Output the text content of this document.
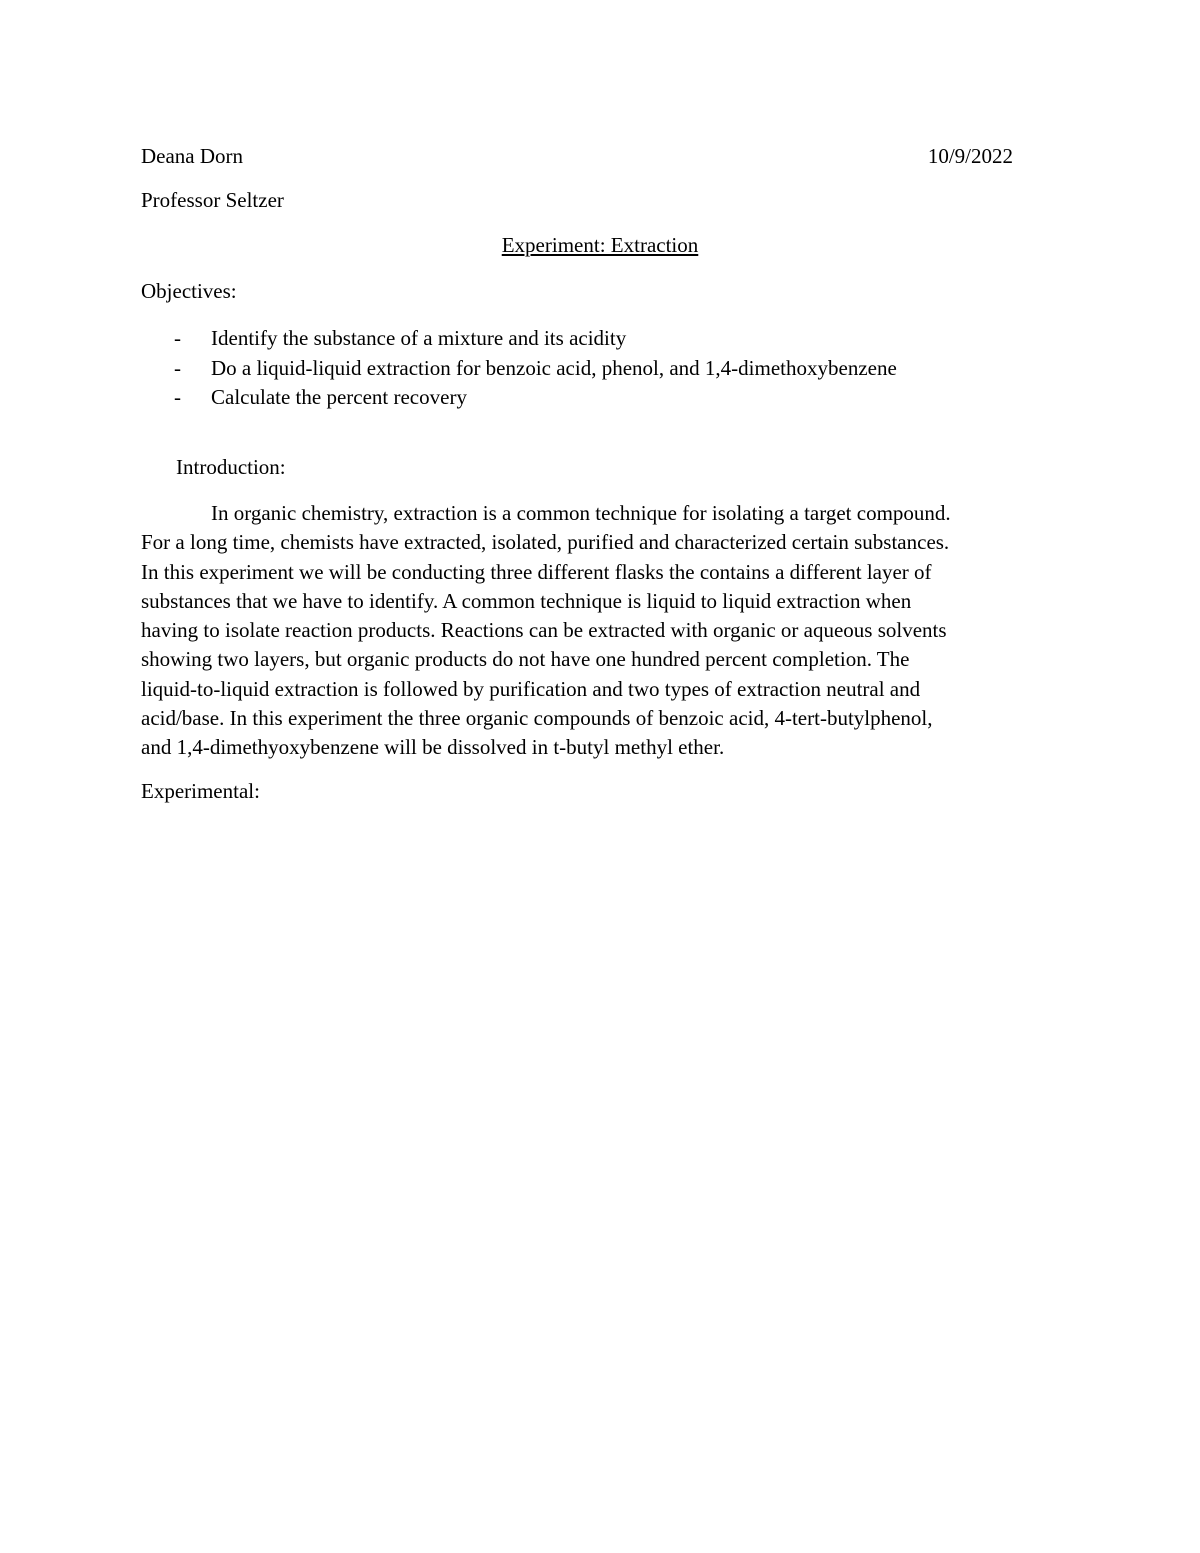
Deana Dorn	10/9/2022
Professor Seltzer
Experiment: Extraction
Objectives:
-	Identify the substance of a mixture and its acidity
-	Do a liquid-liquid extraction for benzoic acid, phenol, and 1,4-dimethoxybenzene
-	Calculate the percent recovery
Introduction:

In organic chemistry, extraction is a common technique for isolating a target compound.
For a long time, chemists have extracted, isolated, purified and characterized certain substances.
In this experiment we will be conducting three different flasks the contains a different layer of
substances that we have to identify. A common technique is liquid to liquid extraction when
having to isolate reaction products. Reactions can be extracted with organic or aqueous solvents
showing two layers, but organic products do not have one hundred percent completion. The
liquid-to-liquid extraction is followed by purification and two types of extraction neutral and
acid/base. In this experiment the three organic compounds of benzoic acid, 4-tert-butylphenol,
and 1,4-dimethyoxybenzene will be dissolved in t-butyl methyl ether.

Experimental:
